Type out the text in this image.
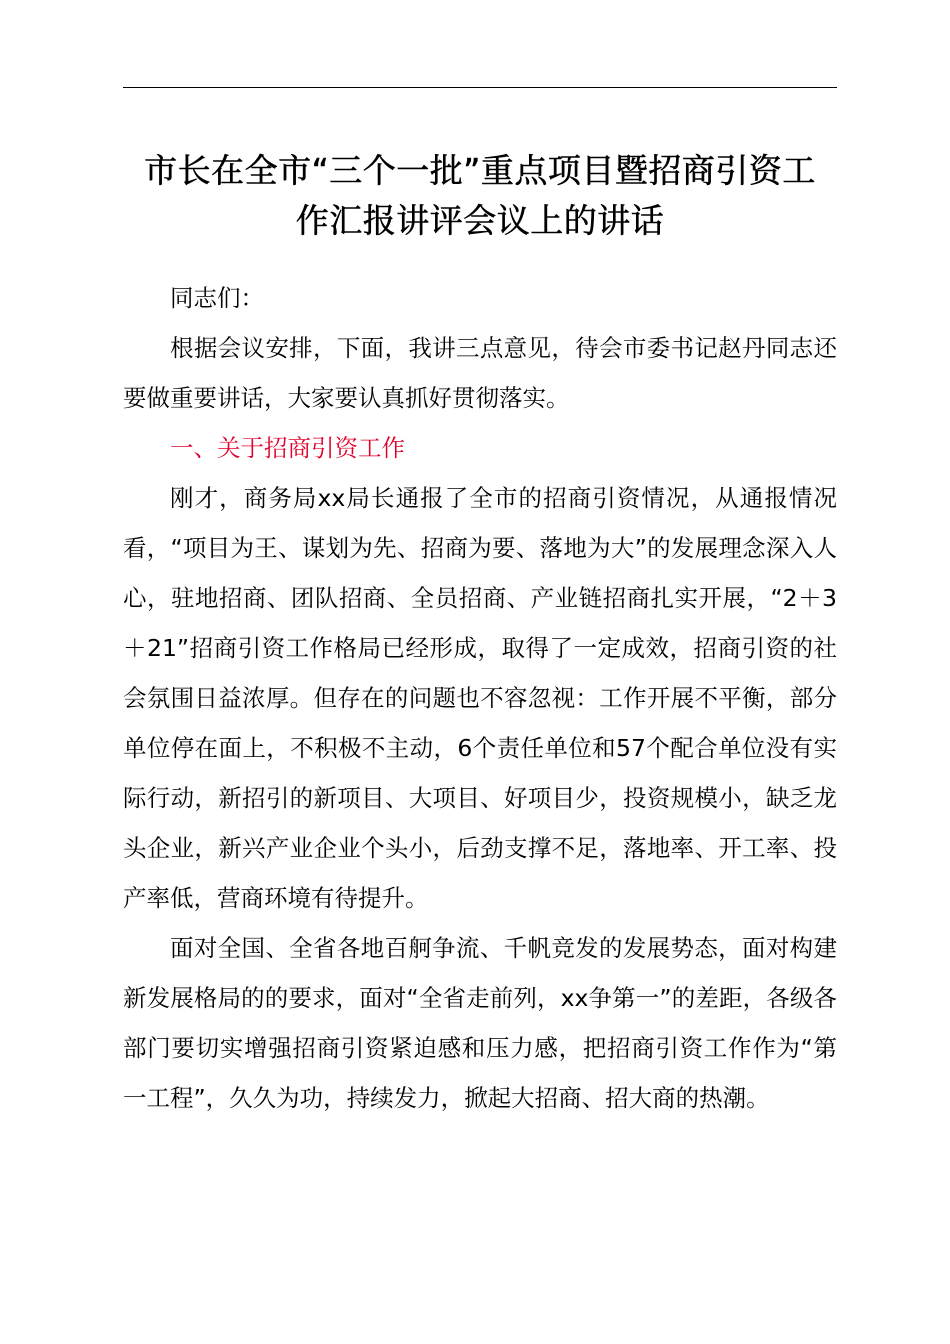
市长在全市“三个一批”重点项目暨招商引资工
作汇报讲评会议上的讲话

同志们：

根据会议安排，下面，我讲三点意见，待会市委书记赵丹同志还要做重要讲话，大家要认真抓好贯彻落实。

一、关于招商引资工作

刚才，商务局xx局长通报了全市的招商引资情况，从通报情况看，“项目为王、谋划为先、招商为要、落地为大”的发展理念深入人心，驻地招商、团队招商、全员招商、产业链招商扎实开展，“2＋3＋21”招商引资工作格局已经形成，取得了一定成效，招商引资的社会氛围日益浓厚。但存在的问题也不容忽视：工作开展不平衡，部分单位停在面上，不积极不主动，6个责任单位和57个配合单位没有实际行动，新招引的新项目、大项目、好项目少，投资规模小，缺乏龙头企业，新兴产业企业个头小，后劲支撑不足，落地率、开工率、投产率低，营商环境有待提升。

面对全国、全省各地百舸争流、千帆竞发的发展势态，面对构建新发展格局的的要求，面对“全省走前列，xx争第一”的差距，各级各部门要切实增强招商引资紧迫感和压力感，把招商引资工作作为“第一工程”，久久为功，持续发力，掀起大招商、招大商的热潮。
